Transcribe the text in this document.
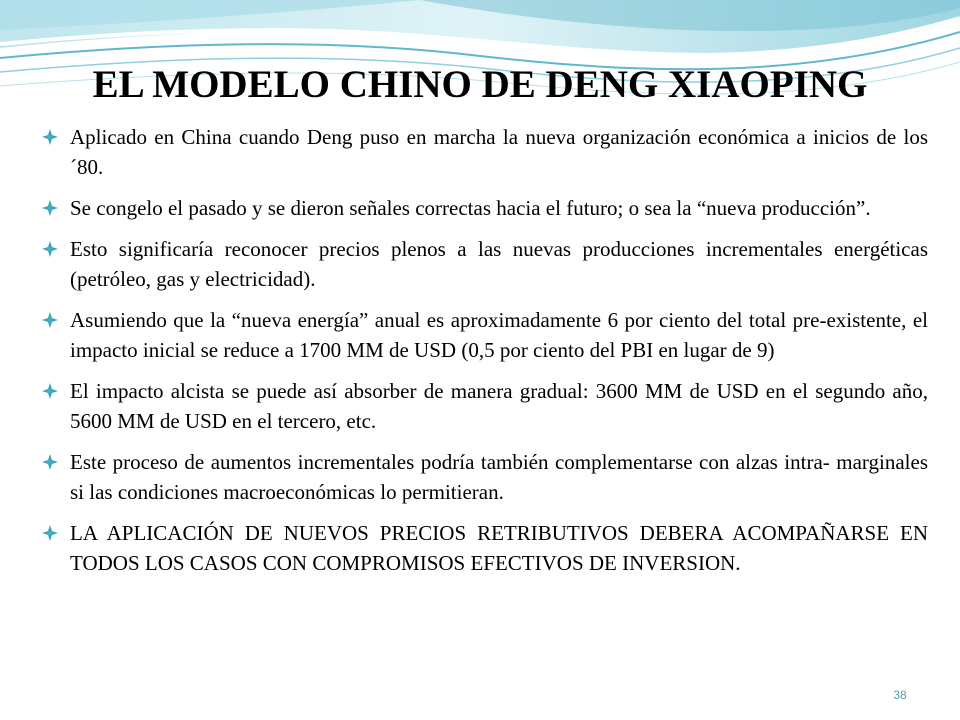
EL MODELO CHINO DE DENG XIAOPING
Aplicado en China cuando Deng puso en marcha la nueva organización económica a inicios de los ´80.
Se congelo el pasado y se dieron señales correctas hacia el futuro; o sea la “nueva producción”.
Esto significaría reconocer precios plenos a las nuevas producciones incrementales energéticas (petróleo, gas y electricidad).
Asumiendo que la “nueva energía” anual es aproximadamente 6 por ciento del total pre-existente, el impacto inicial se reduce a 1700 MM de USD (0,5 por ciento del PBI en lugar de 9)
El impacto alcista se puede así absorber de manera gradual: 3600 MM de USD en el segundo año, 5600 MM de USD en el tercero, etc.
Este proceso de aumentos incrementales podría también complementarse con alzas intra- marginales si las condiciones macroeconómicas lo permitieran.
LA APLICACIÓN DE NUEVOS PRECIOS RETRIBUTIVOS DEBERA ACOMPAÑARSE EN TODOS LOS CASOS CON COMPROMISOS EFECTIVOS DE INVERSION.
38
